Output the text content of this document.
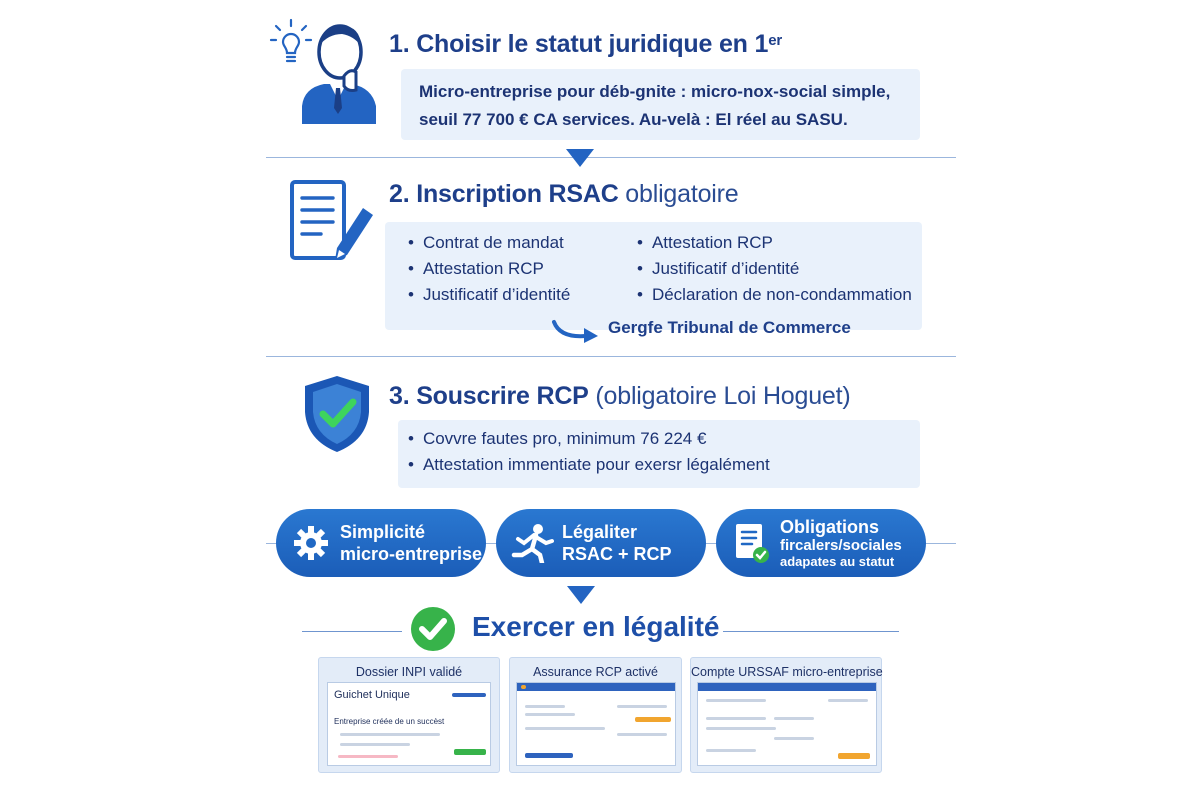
1. Choisir le statut juridique en 1er
Micro-entreprise pour déb-gnite : micro-nox-social simple,
seuil 77 700 € CA services. Au-velà : El réel au SASU.
2. Inscription RSAC obligatoire
• Contrat de mandat
• Attestation RCP
• Justificatif d’identité
• Attestation RCP
• Justificatif d’identité
• Déclaration de non-condammation
Gergfe Tribunal de Commerce
3. Souscrire RCP (obligatoire Loi Hoguet)
• Covvre fautes pro, minimum 76 224 €
• Attestation immentiate pour exersr légalément
Simplicité
micro-entreprise
Légaliter
RSAC + RCP
Obligations
fircalers/sociales
adapates au statut
Exercer en légalité
Dossier INPI validé
Guichet Unique
Entreprise créée de un succèst
Assurance RCP activé	Compte URSSAF micro-entreprise
